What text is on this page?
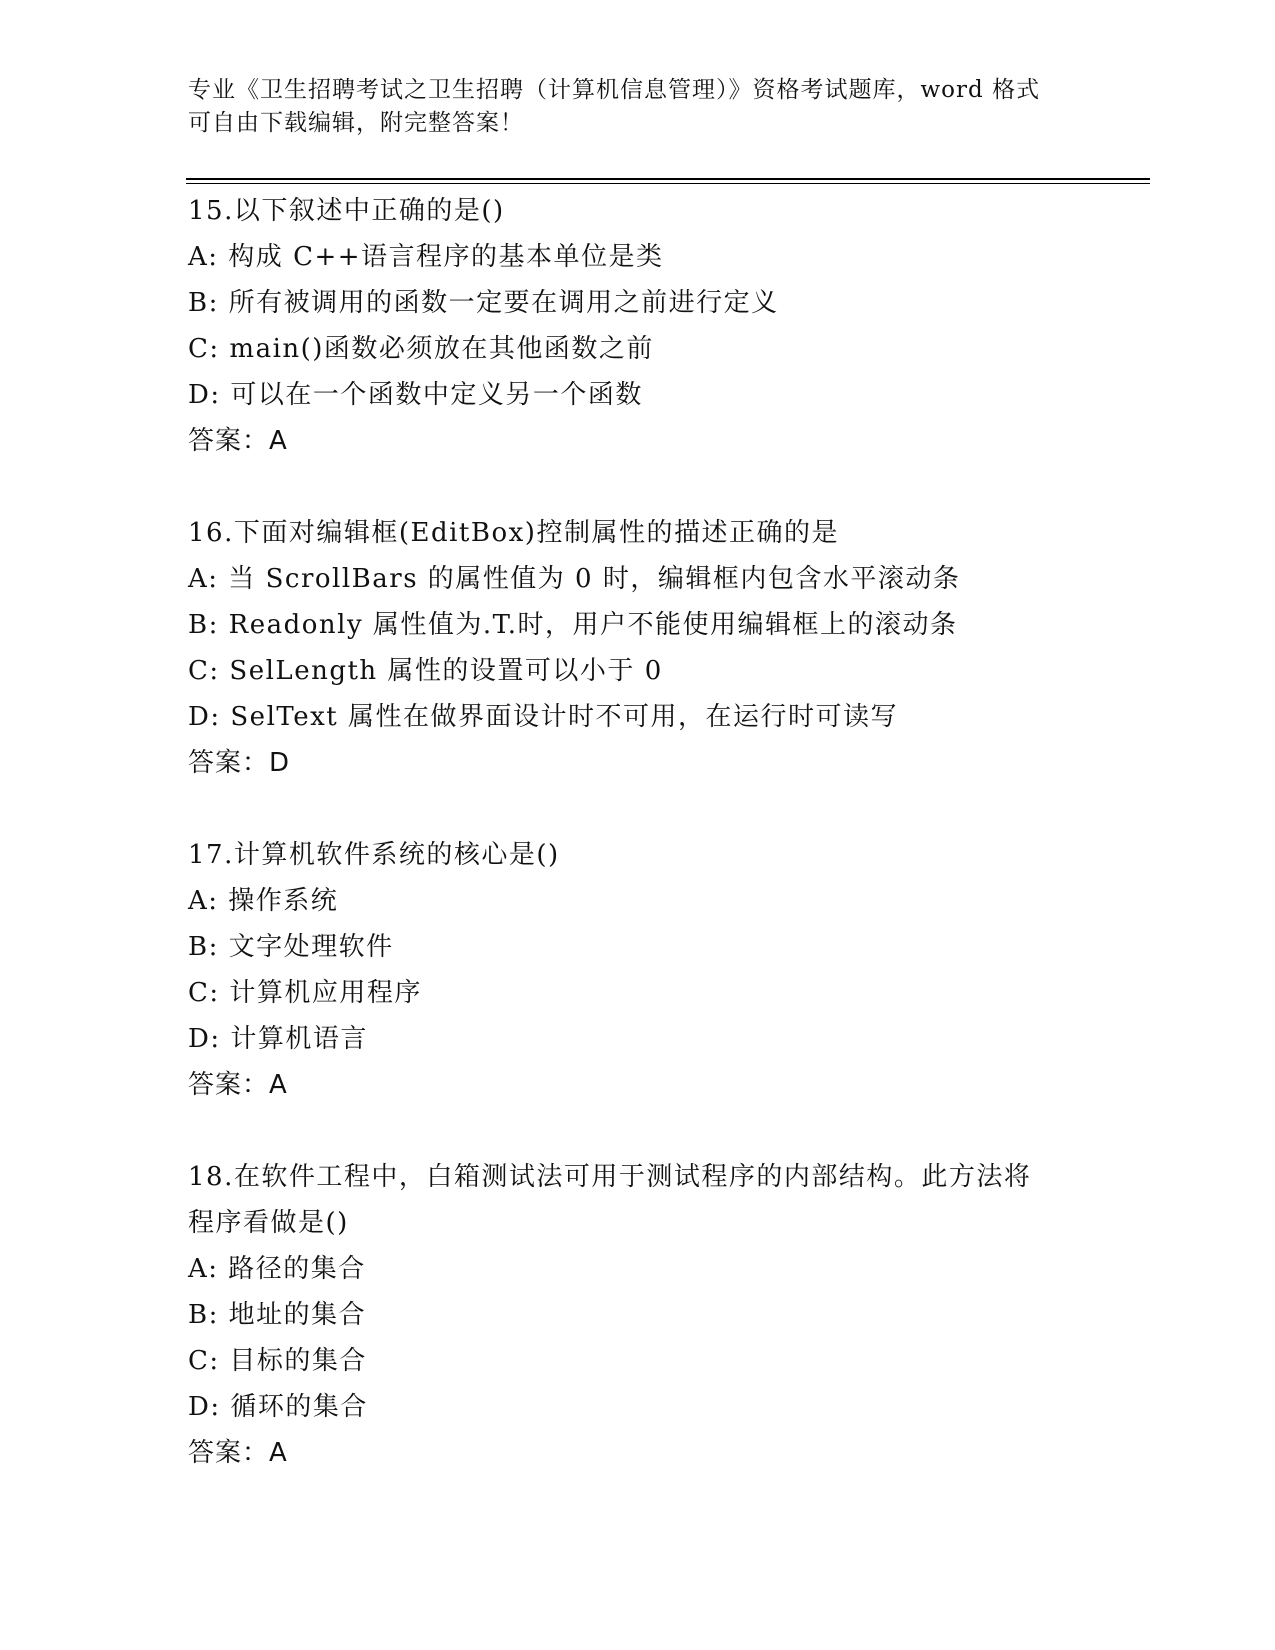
专业《卫生招聘考试之卫生招聘（计算机信息管理）》资格考试题库，word 格式
可自由下载编辑，附完整答案！
15.以下叙述中正确的是()
A: 构成 C++语言程序的基本单位是类
B: 所有被调用的函数一定要在调用之前进行定义
C: main()函数必须放在其他函数之前
D: 可以在一个函数中定义另一个函数
答案：A
16.下面对编辑框(EditBox)控制属性的描述正确的是
A: 当 ScrollBars 的属性值为 0 时，编辑框内包含水平滚动条
B: Readonly 属性值为.T.时，用户不能使用编辑框上的滚动条
C: SelLength 属性的设置可以小于 0
D: SelText 属性在做界面设计时不可用，在运行时可读写
答案：D
17.计算机软件系统的核心是()
A: 操作系统
B: 文字处理软件
C: 计算机应用程序
D: 计算机语言
答案：A
18.在软件工程中，白箱测试法可用于测试程序的内部结构。此方法将
程序看做是()
A: 路径的集合
B: 地址的集合
C: 目标的集合
D: 循环的集合
答案：A
